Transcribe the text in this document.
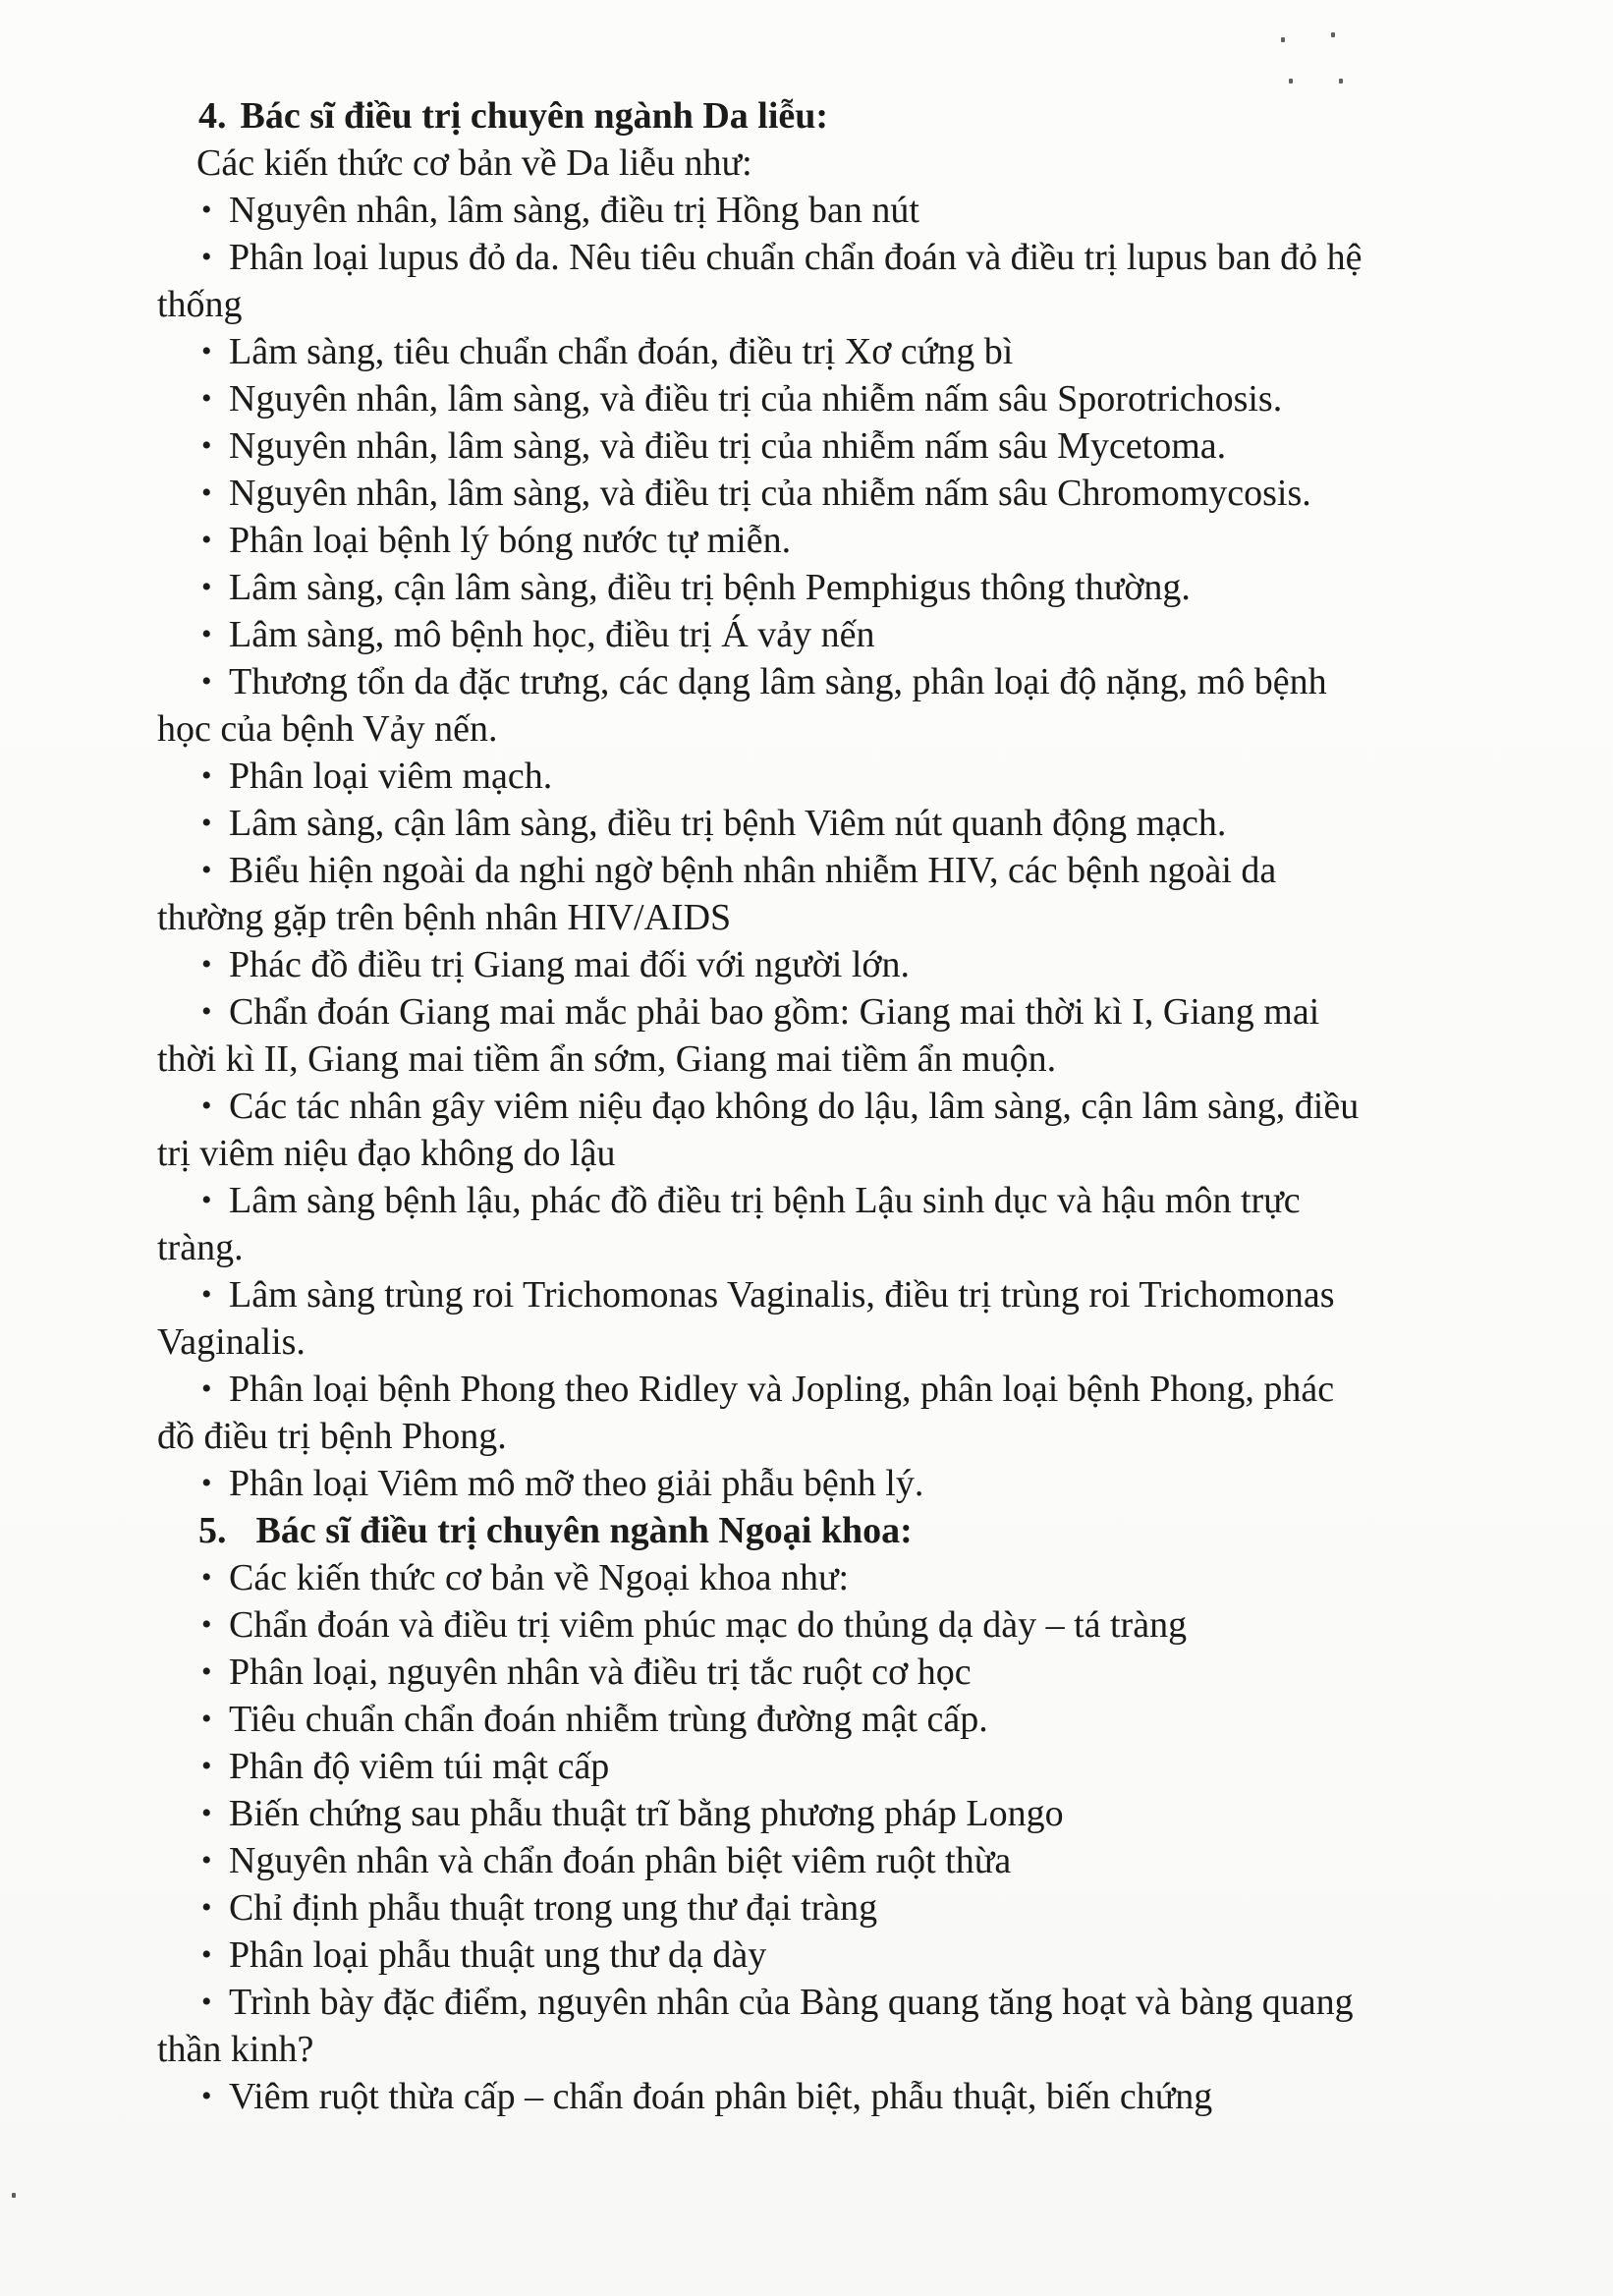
4. Bác sĩ điều trị chuyên ngành Da liễu:
Các kiến thức cơ bản về Da liễu như:
• Nguyên nhân, lâm sàng, điều trị Hồng ban nút
• Phân loại lupus đỏ da. Nêu tiêu chuẩn chẩn đoán và điều trị lupus ban đỏ hệ
thống
• Lâm sàng, tiêu chuẩn chẩn đoán, điều trị Xơ cứng bì
• Nguyên nhân, lâm sàng, và điều trị của nhiễm nấm sâu Sporotrichosis.
• Nguyên nhân, lâm sàng, và điều trị của nhiễm nấm sâu Mycetoma.
• Nguyên nhân, lâm sàng, và điều trị của nhiễm nấm sâu Chromomycosis.
• Phân loại bệnh lý bóng nước tự miễn.
• Lâm sàng, cận lâm sàng, điều trị bệnh Pemphigus thông thường.
• Lâm sàng, mô bệnh học, điều trị Á vảy nến
• Thương tổn da đặc trưng, các dạng lâm sàng, phân loại độ nặng, mô bệnh
học của bệnh Vảy nến.
• Phân loại viêm mạch.
• Lâm sàng, cận lâm sàng, điều trị bệnh Viêm nút quanh động mạch.
• Biểu hiện ngoài da nghi ngờ bệnh nhân nhiễm HIV, các bệnh ngoài da
thường gặp trên bệnh nhân HIV/AIDS
• Phác đồ điều trị Giang mai đối với người lớn.
• Chẩn đoán Giang mai mắc phải bao gồm: Giang mai thời kì I, Giang mai
thời kì II, Giang mai tiềm ẩn sớm, Giang mai tiềm ẩn muộn.
• Các tác nhân gây viêm niệu đạo không do lậu, lâm sàng, cận lâm sàng, điều
trị viêm niệu đạo không do lậu
• Lâm sàng bệnh lậu, phác đồ điều trị bệnh Lậu sinh dục và hậu môn trực
tràng.
• Lâm sàng trùng roi Trichomonas Vaginalis, điều trị trùng roi Trichomonas
Vaginalis.
• Phân loại bệnh Phong theo Ridley và Jopling, phân loại bệnh Phong, phác
đồ điều trị bệnh Phong.
• Phân loại Viêm mô mỡ theo giải phẫu bệnh lý.
5. Bác sĩ điều trị chuyên ngành Ngoại khoa:
• Các kiến thức cơ bản về Ngoại khoa như:
• Chẩn đoán và điều trị viêm phúc mạc do thủng dạ dày – tá tràng
• Phân loại, nguyên nhân và điều trị tắc ruột cơ học
• Tiêu chuẩn chẩn đoán nhiễm trùng đường mật cấp.
• Phân độ viêm túi mật cấp
• Biến chứng sau phẫu thuật trĩ bằng phương pháp Longo
• Nguyên nhân và chẩn đoán phân biệt viêm ruột thừa
• Chỉ định phẫu thuật trong ung thư đại tràng
• Phân loại phẫu thuật ung thư dạ dày
• Trình bày đặc điểm, nguyên nhân của Bàng quang tăng hoạt và bàng quang
thần kinh?
• Viêm ruột thừa cấp – chẩn đoán phân biệt, phẫu thuật, biến chứng
